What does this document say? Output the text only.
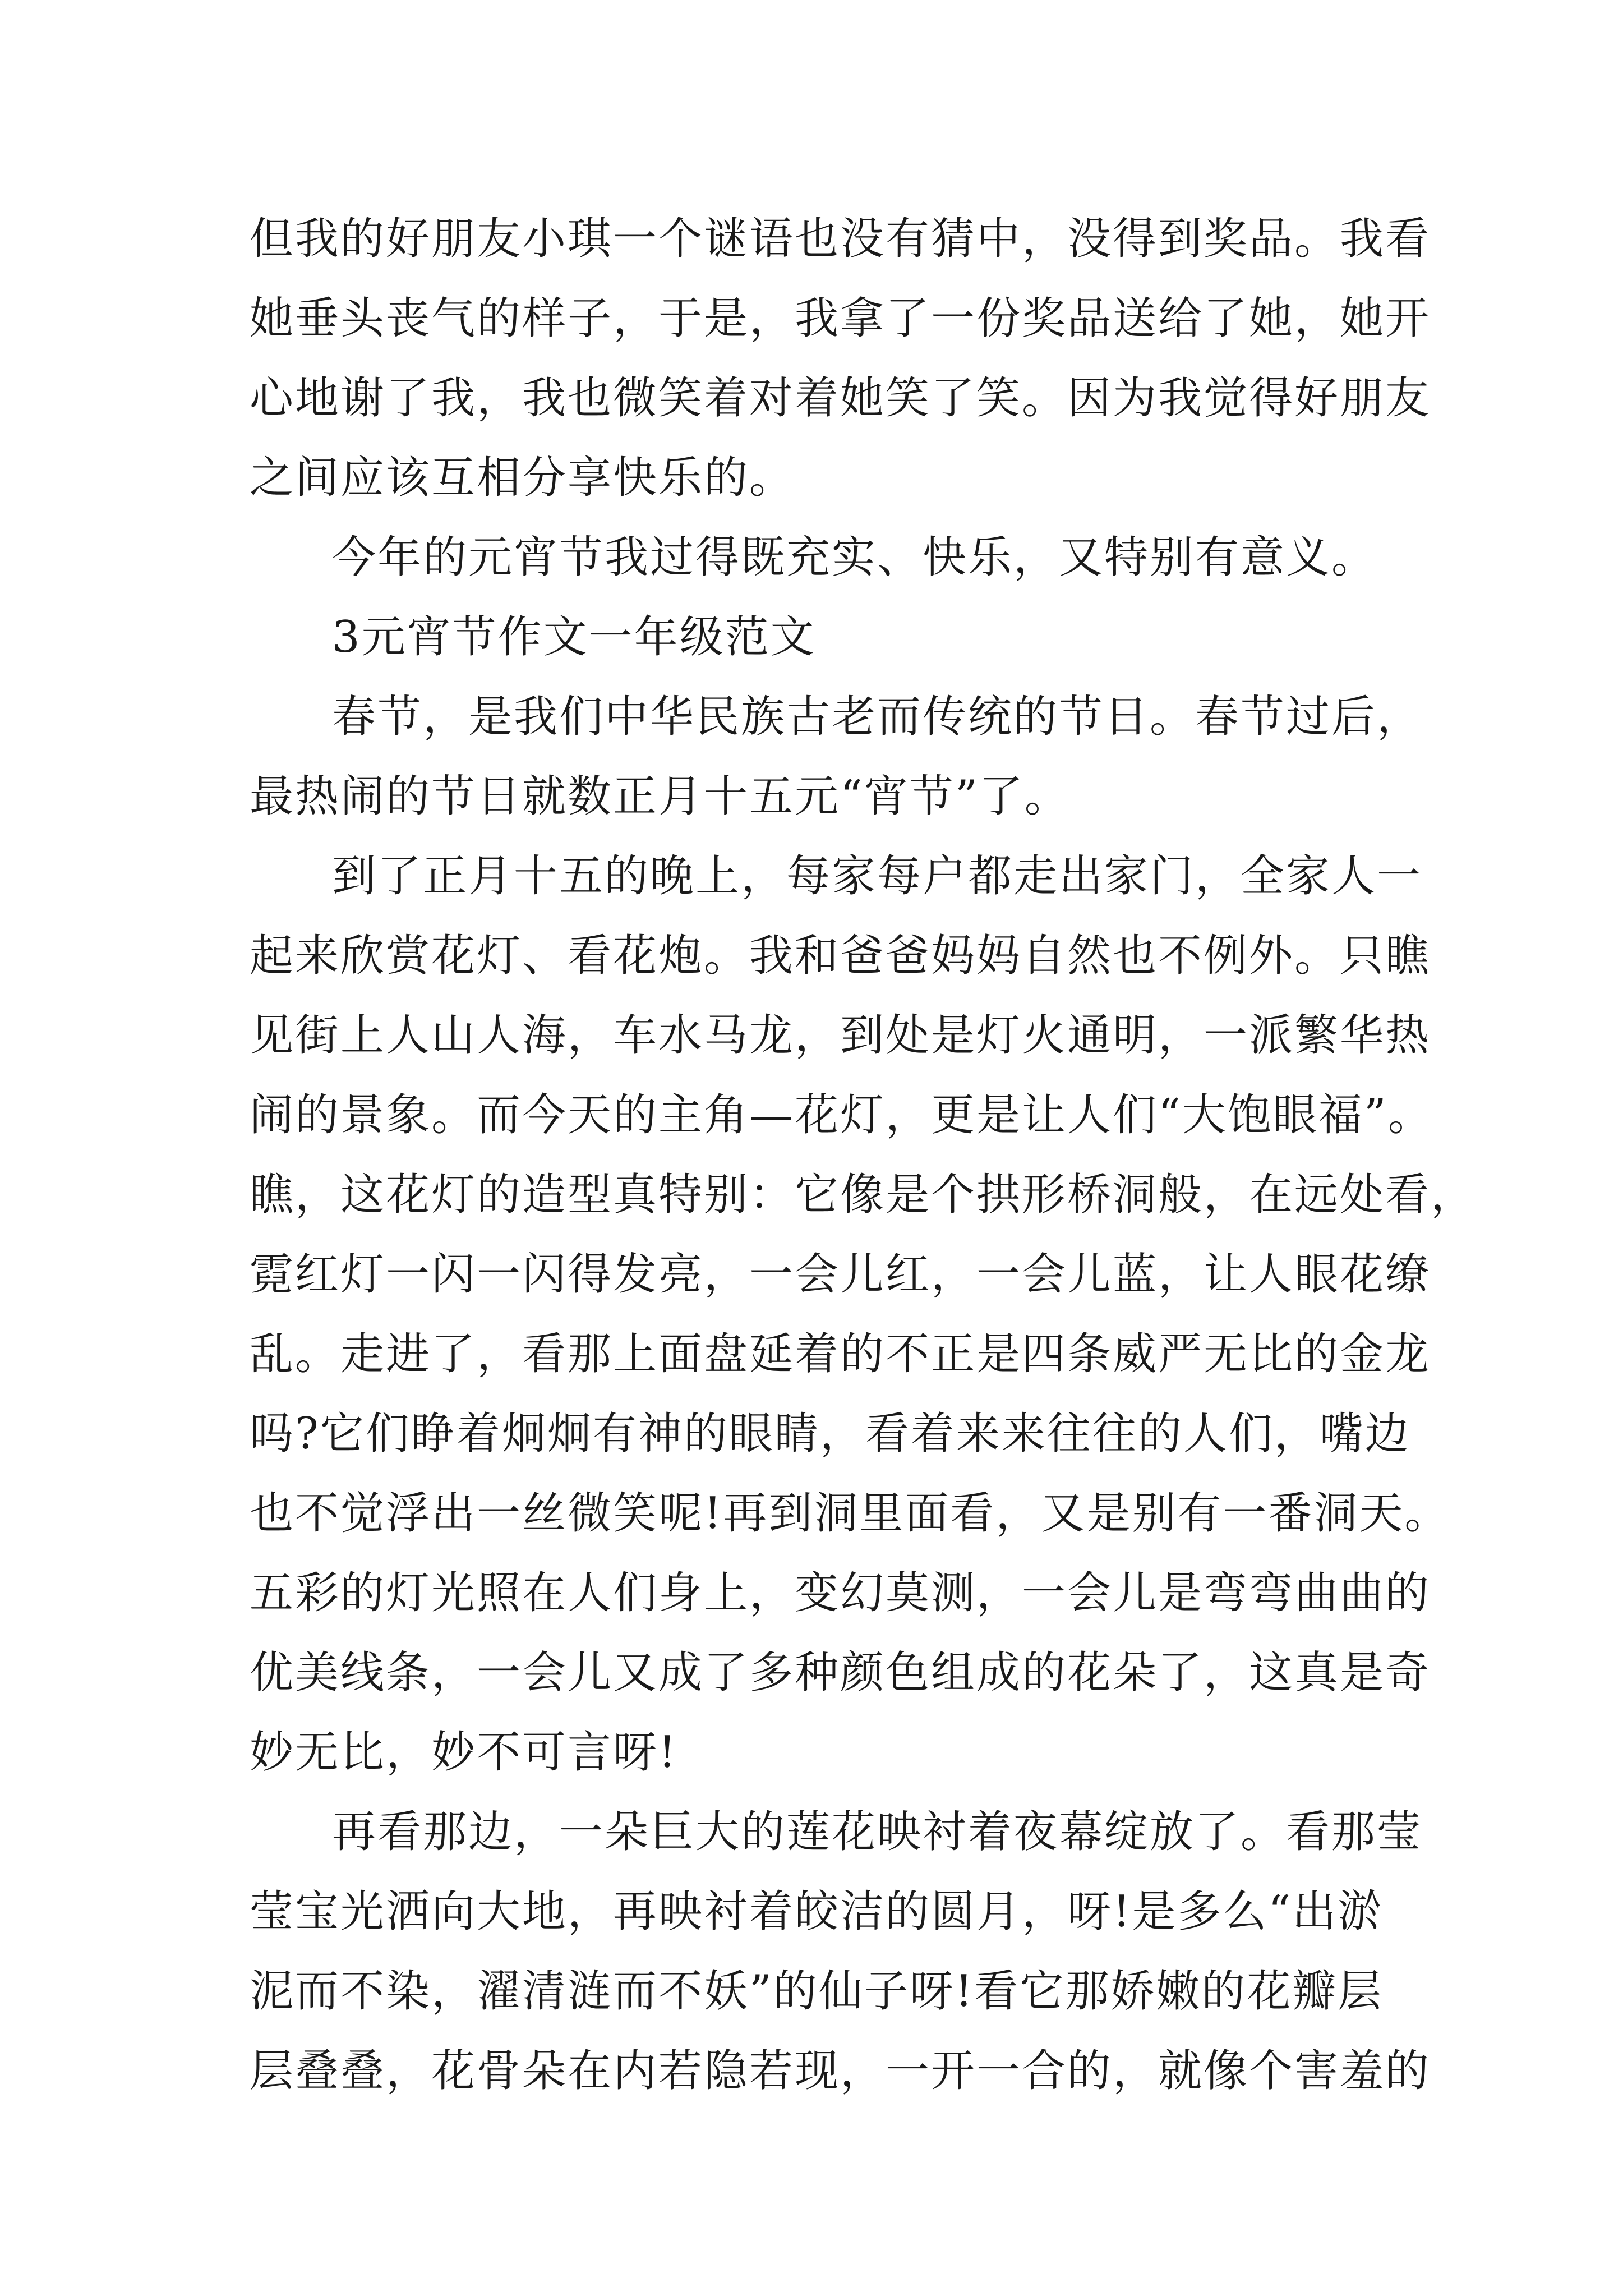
但我的好朋友小琪一个谜语也没有猜中，没得到奖品。我看

她垂头丧气的样子，于是，我拿了一份奖品送给了她，她开

心地谢了我，我也微笑着对着她笑了笑。因为我觉得好朋友

之间应该互相分享快乐的。

今年的元宵节我过得既充实、快乐，又特别有意义。

3元宵节作文一年级范文

春节，是我们中华民族古老而传统的节日。春节过后，

最热闹的节日就数正月十五元“宵节”了。

到了正月十五的晚上，每家每户都走出家门，全家人一

起来欣赏花灯、看花炮。我和爸爸妈妈自然也不例外。只瞧

见街上人山人海，车水马龙，到处是灯火通明，一派繁华热

闹的景象。而今天的主角—花灯，更是让人们“大饱眼福”。

瞧，这花灯的造型真特别：它像是个拱形桥洞般，在远处看，

霓红灯一闪一闪得发亮，一会儿红，一会儿蓝，让人眼花缭

乱。走进了，看那上面盘延着的不正是四条威严无比的金龙

吗?它们睁着炯炯有神的眼睛，看着来来往往的人们，嘴边

也不觉浮出一丝微笑呢!再到洞里面看，又是别有一番洞天。

五彩的灯光照在人们身上，变幻莫测，一会儿是弯弯曲曲的

优美线条，一会儿又成了多种颜色组成的花朵了，这真是奇

妙无比，妙不可言呀!

再看那边，一朵巨大的莲花映衬着夜幕绽放了。看那莹

莹宝光洒向大地，再映衬着皎洁的圆月，呀!是多么“出淤

泥而不染，濯清涟而不妖”的仙子呀!看它那娇嫩的花瓣层

层叠叠，花骨朵在内若隐若现，一开一合的，就像个害羞的
